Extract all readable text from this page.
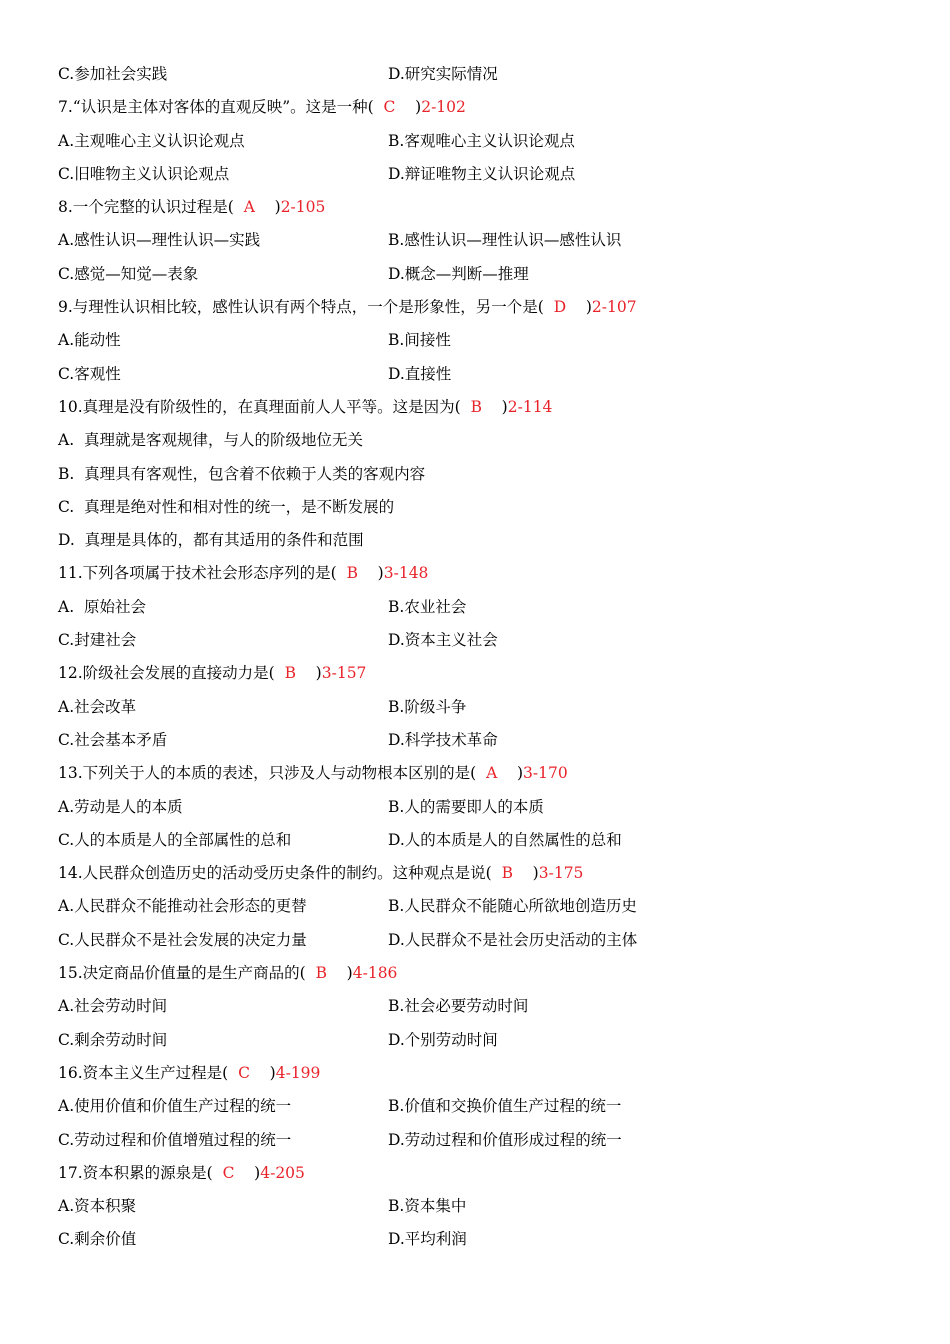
C.参加社会实践	D.研究实际情况
7.“认识是主体对客体的直观反映”。这是一种( C )2-102
A.主观唯心主义认识论观点	B.客观唯心主义认识论观点
C.旧唯物主义认识论观点	D.辩证唯物主义认识论观点
8.一个完整的认识过程是( A )2-105
A.感性认识—理性认识—实践	B.感性认识—理性认识—感性认识
C.感觉—知觉—表象	D.概念—判断—推理
9.与理性认识相比较，感性认识有两个特点，一个是形象性，另一个是( D )2-107
A.能动性	B.间接性
C.客观性	D.直接性
10.真理是没有阶级性的，在真理面前人人平等。这是因为( B )2-114
A.  真理就是客观规律，与人的阶级地位无关
B.  真理具有客观性，包含着不依赖于人类的客观内容
C.  真理是绝对性和相对性的统一，是不断发展的
D.  真理是具体的，都有其适用的条件和范围
11.下列各项属于技术社会形态序列的是( B )3-148
A.  原始社会	B.农业社会
C.封建社会	D.资本主义社会
12.阶级社会发展的直接动力是( B )3-157
A.社会改革	B.阶级斗争
C.社会基本矛盾	D.科学技术革命
13.下列关于人的本质的表述，只涉及人与动物根本区别的是( A )3-170
A.劳动是人的本质	B.人的需要即人的本质
C.人的本质是人的全部属性的总和	D.人的本质是人的自然属性的总和
14.人民群众创造历史的活动受历史条件的制约。这种观点是说( B )3-175
A.人民群众不能推动社会形态的更替	B.人民群众不能随心所欲地创造历史
C.人民群众不是社会发展的决定力量	D.人民群众不是社会历史活动的主体
15.决定商品价值量的是生产商品的( B )4-186
A.社会劳动时间	B.社会必要劳动时间
C.剩余劳动时间	D.个别劳动时间
16.资本主义生产过程是( C )4-199
A.使用价值和价值生产过程的统一	B.价值和交换价值生产过程的统一
C.劳动过程和价值增殖过程的统一	D.劳动过程和价值形成过程的统一
17.资本积累的源泉是( C )4-205
A.资本积聚	B.资本集中
C.剩余价值	D.平均利润
